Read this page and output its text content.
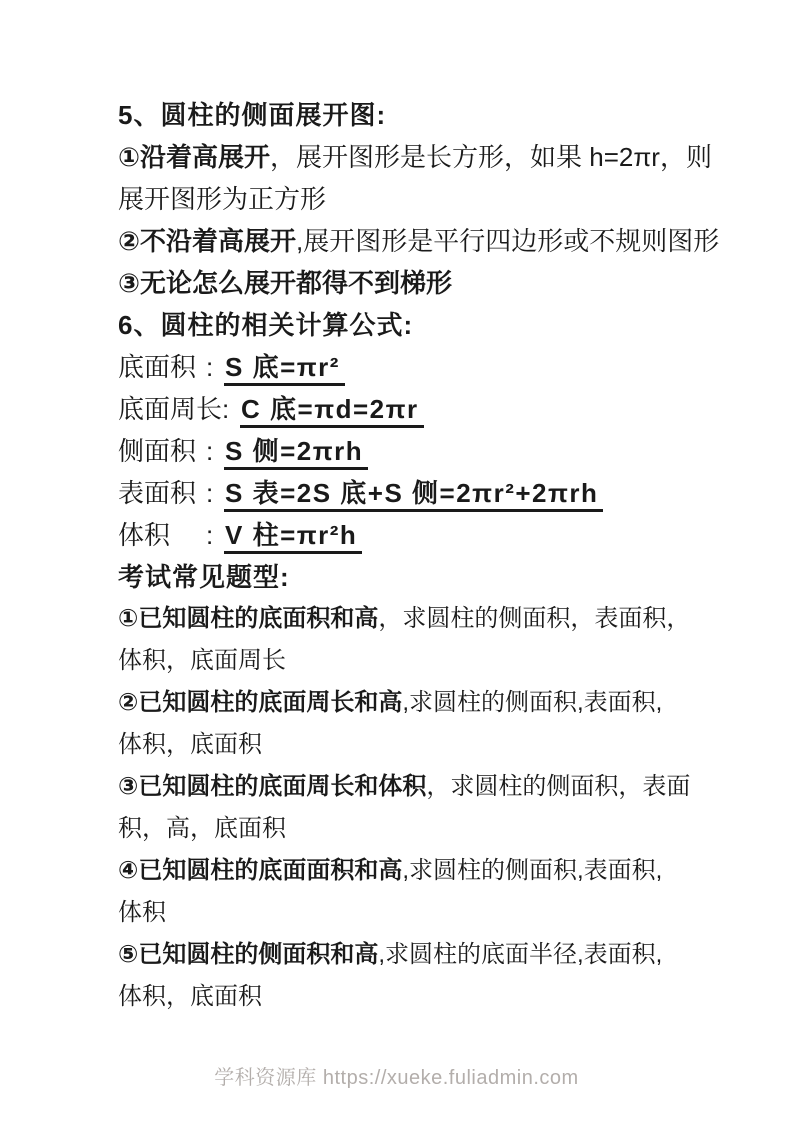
5、圆柱的侧面展开图:
①沿着高展开，展开图形是长方形，如果 h=2πr，则
展开图形为正方形
②不沿着高展开,展开图形是平行四边形或不规则图形
③无论怎么展开都得不到梯形
6、圆柱的相关计算公式:
底面积 : S 底=πr²
底面周长: C 底=πd=2πr
侧面积 : S 侧=2πrh
表面积 : S 表=2S 底+S 侧=2πr²+2πrh
体积 : V 柱=πr²h
考试常见题型:
①已知圆柱的底面积和高，求圆柱的侧面积，表面积，
体积，底面周长
②已知圆柱的底面周长和高,求圆柱的侧面积,表面积,
体积，底面积
③已知圆柱的底面周长和体积，求圆柱的侧面积，表面
积，高，底面积
④已知圆柱的底面面积和高,求圆柱的侧面积,表面积,
体积
⑤已知圆柱的侧面积和高,求圆柱的底面半径,表面积,
体积，底面积
学科资源库 https://xueke.fuliadmin.com
